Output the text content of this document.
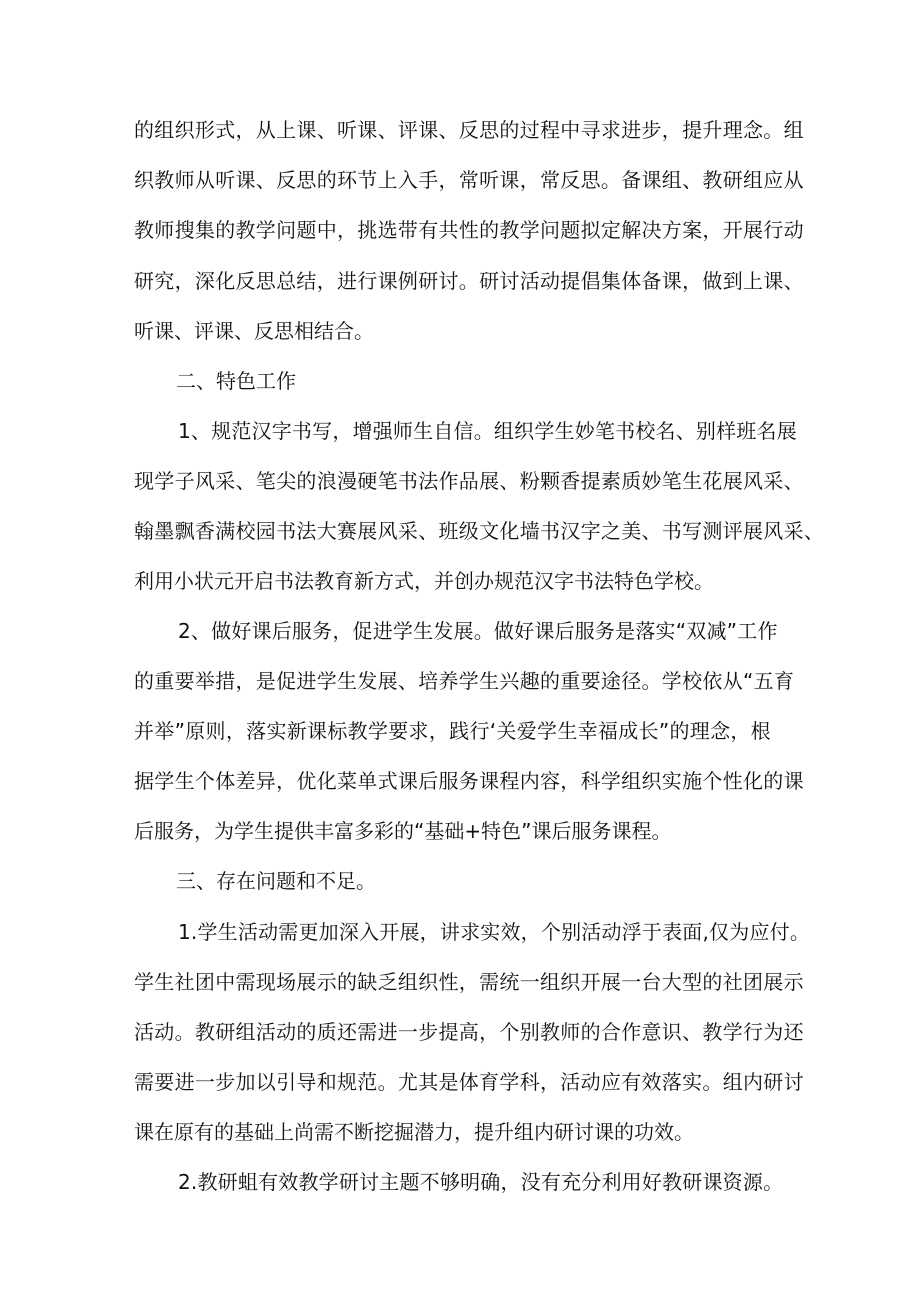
的组织形式，从上课、听课、评课、反思的过程中寻求进步，提升理念。组
织教师从听课、反思的环节上入手，常听课，常反思。备课组、教研组应从
教师搜集的教学问题中，挑选带有共性的教学问题拟定解决方案，开展行动
研究，深化反思总结，进行课例研讨。研讨活动提倡集体备课，做到上课、
听课、评课、反思相结合。
二、特色工作
1、规范汉字书写，增强师生自信。组织学生妙笔书校名、别样班名展
现学子风采、笔尖的浪漫硬笔书法作品展、粉颗香提素质妙笔生花展风采、
翰墨飘香满校园书法大赛展风采、班级文化墙书汉字之美、书写测评展风采、
利用小状元开启书法教育新方式，并创办规范汉字书法特色学校。
2、做好课后服务，促进学生发展。做好课后服务是落实“双减”工作
的重要举措，是促进学生发展、培养学生兴趣的重要途径。学校依从“五育
并举”原则，落实新课标教学要求，践行‘关爱学生幸福成长”的理念，根
据学生个体差异，优化菜单式课后服务课程内容，科学组织实施个性化的课
后服务，为学生提供丰富多彩的“基础+特色”课后服务课程。
三、存在问题和不足。
1.学生活动需更加深入开展，讲求实效，个别活动浮于表面,仅为应付。
学生社团中需现场展示的缺乏组织性，需统一组织开展一台大型的社团展示
活动。教研组活动的质还需进一步提高，个别教师的合作意识、教学行为还
需要进一步加以引导和规范。尤其是体育学科，活动应有效落实。组内研讨
课在原有的基础上尚需不断挖掘潜力，提升组内研讨课的功效。
2.教研蛆有效教学研讨主题不够明确，没有充分利用好教研课资源。
